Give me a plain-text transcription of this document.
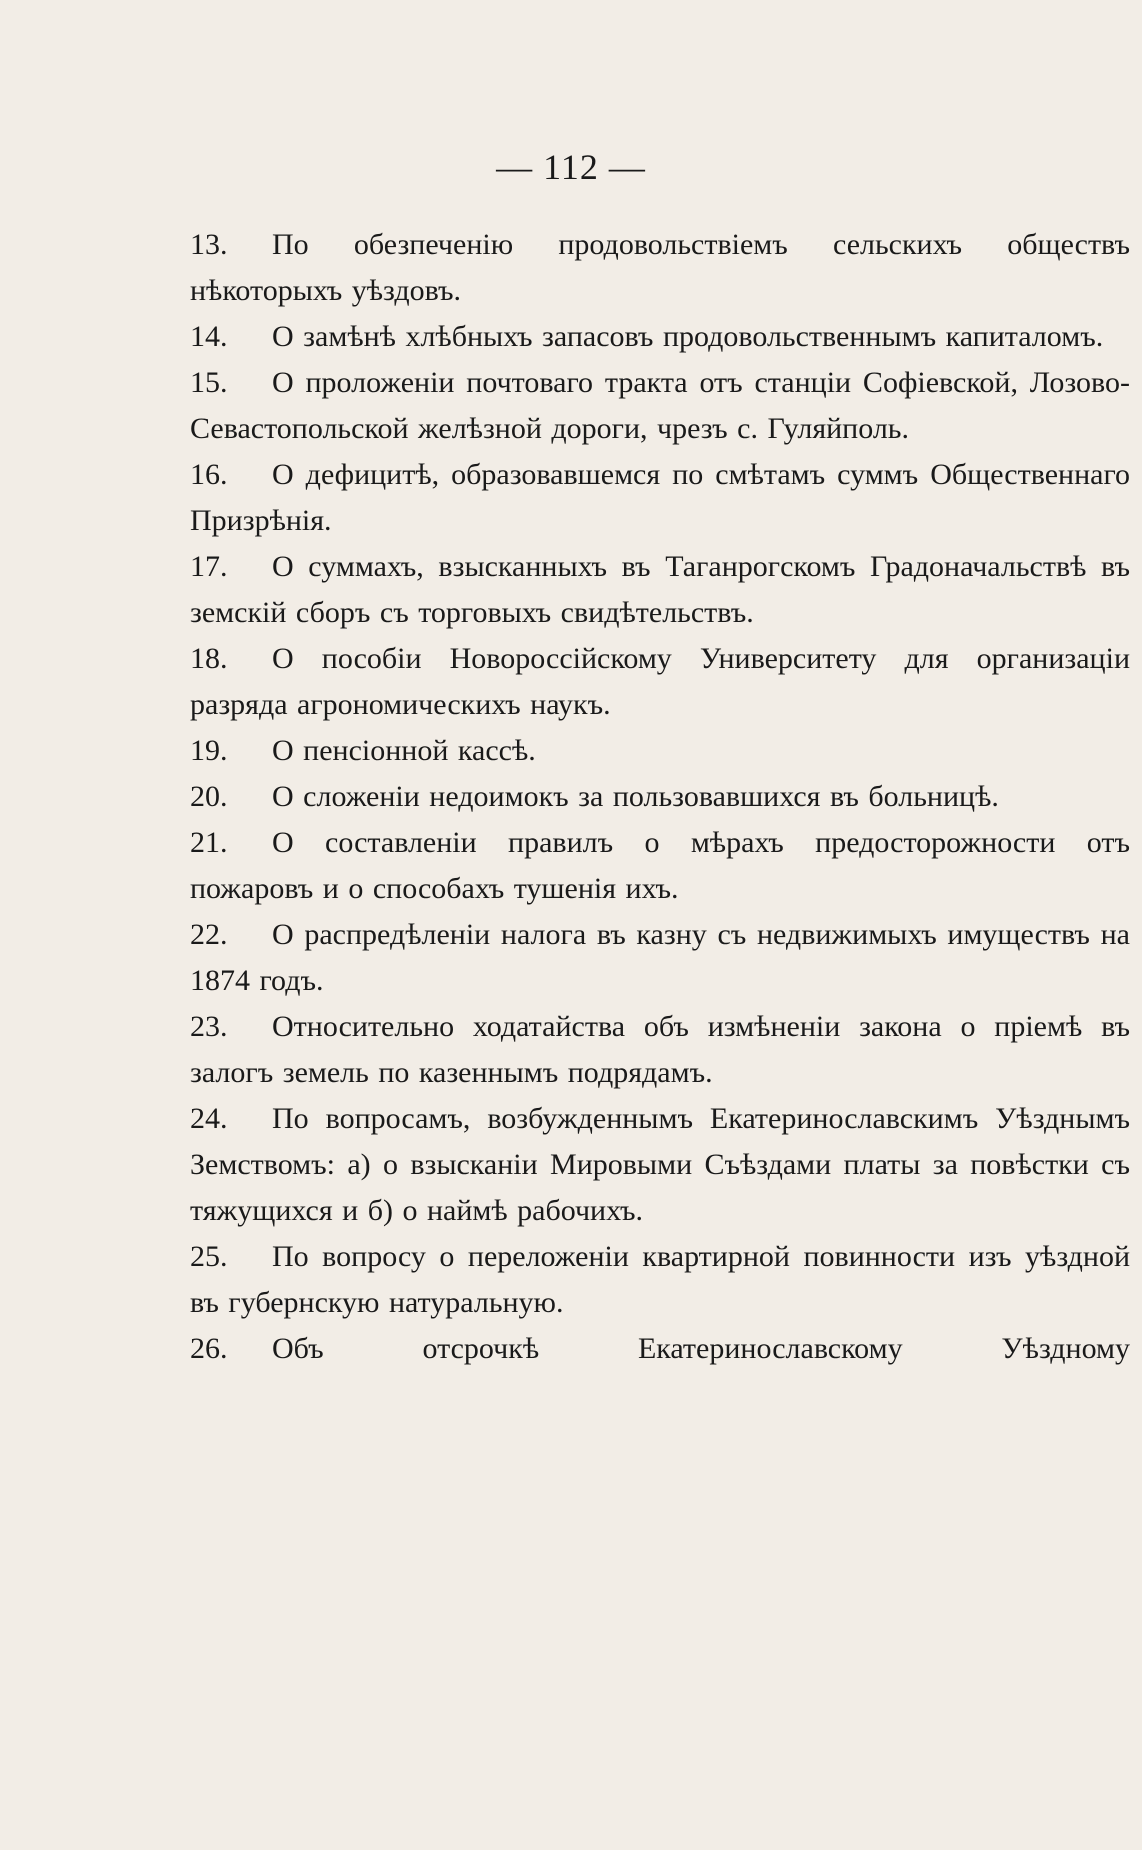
— 112 —
13.	По обезпеченію продовольствіемъ сельскихъ обществъ нѣкоторыхъ уѣздовъ.
14.	О замѣнѣ хлѣбныхъ запасовъ продовольственнымъ капиталомъ.
15.	О проложеніи почтоваго тракта отъ станціи Софіевской, Лозово-Севастопольской желѣзной дороги, чрезъ с. Гуляйполь.
16.	О дефицитѣ, образовавшемся по смѣтамъ суммъ Общественнаго Призрѣнія.
17.	О суммахъ, взысканныхъ въ Таганрогскомъ Градоначальствѣ въ земскій сборъ съ торговыхъ свидѣтельствъ.
18.	О пособіи Новороссійскому Университету для организаціи разряда агрономическихъ наукъ.
19.	О пенсіонной кассѣ.
20.	О сложеніи недоимокъ за пользовавшихся въ больницѣ.
21.	О составленіи правилъ о мѣрахъ предосторожности отъ пожаровъ и о способахъ тушенія ихъ.
22.	О распредѣленіи налога въ казну съ недвижимыхъ имуществъ на 1874 годъ.
23.	Относительно ходатайства объ измѣненіи закона о пріемѣ въ залогъ земель по казеннымъ подрядамъ.
24.	По вопросамъ, возбужденнымъ Екатеринославскимъ Уѣзднымъ Земствомъ: а) о взысканіи Мировыми Съѣздами платы за повѣстки съ тяжущихся и б) о наймѣ рабочихъ.
25.	По вопросу о переложеніи квартирной повинности изъ уѣздной въ губернскую натуральную.
26.	Объ отсрочкѣ Екатеринославскому Уѣздному
